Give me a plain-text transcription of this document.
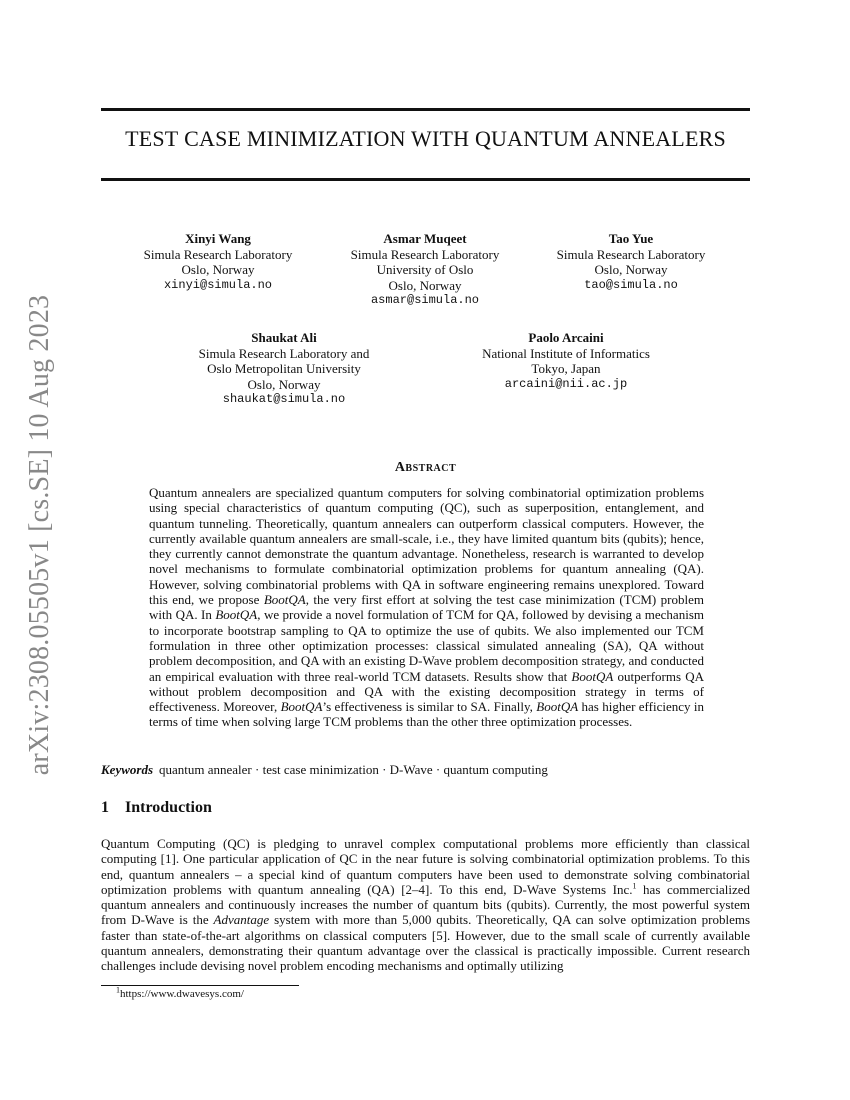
arXiv:2308.05505v1 [cs.SE] 10 Aug 2023
TEST CASE MINIMIZATION WITH QUANTUM ANNEALERS
Xinyi Wang
Simula Research Laboratory
Oslo, Norway
xinyi@simula.no
Asmar Muqeet
Simula Research Laboratory
University of Oslo
Oslo, Norway
asmar@simula.no
Tao Yue
Simula Research Laboratory
Oslo, Norway
tao@simula.no
Shaukat Ali
Simula Research Laboratory and
Oslo Metropolitan University
Oslo, Norway
shaukat@simula.no
Paolo Arcaini
National Institute of Informatics
Tokyo, Japan
arcaini@nii.ac.jp
Abstract

Quantum annealers are specialized quantum computers for solving combinatorial optimization problems using special characteristics of quantum computing (QC), such as superposition, entanglement, and quantum tunneling. Theoretically, quantum annealers can outperform classical computers. However, the currently available quantum annealers are small-scale, i.e., they have limited quantum bits (qubits); hence, they currently cannot demonstrate the quantum advantage. Nonetheless, research is warranted to develop novel mechanisms to formulate combinatorial optimization problems for quantum annealing (QA). However, solving combinatorial problems with QA in software engineering remains unexplored. Toward this end, we propose BootQA, the very first effort at solving the test case minimization (TCM) problem with QA. In BootQA, we provide a novel formulation of TCM for QA, followed by devising a mechanism to incorporate bootstrap sampling to QA to optimize the use of qubits. We also implemented our TCM formulation in three other optimization processes: classical simulated annealing (SA), QA without problem decomposition, and QA with an existing D-Wave problem decomposition strategy, and conducted an empirical evaluation with three real-world TCM datasets. Results show that BootQA outperforms QA without problem decomposition and QA with the existing decomposition strategy in terms of effectiveness. Moreover, BootQA’s effectiveness is similar to SA. Finally, BootQA has higher efficiency in terms of time when solving large TCM problems than the other three optimization processes.

Keywords quantum annealer · test case minimization · D-Wave · quantum computing
1 Introduction

Quantum Computing (QC) is pledging to unravel complex computational problems more efficiently than classical computing [1]. One particular application of QC in the near future is solving combinatorial optimization problems. To this end, quantum annealers – a special kind of quantum computers have been used to demonstrate solving combinatorial optimization problems with quantum annealing (QA) [2–4]. To this end, D-Wave Systems Inc.$^1$ has commercialized quantum annealers and continuously increases the number of quantum bits (qubits). Currently, the most powerful system from D-Wave is the Advantage system with more than 5,000 qubits. Theoretically, QA can solve optimization problems faster than state-of-the-art algorithms on classical computers [5]. However, due to the small scale of currently available quantum annealers, demonstrating their quantum advantage over the classical is practically impossible. Current research challenges include devising novel problem encoding mechanisms and optimally utilizing

$^1$https://www.dwavesys.com/
